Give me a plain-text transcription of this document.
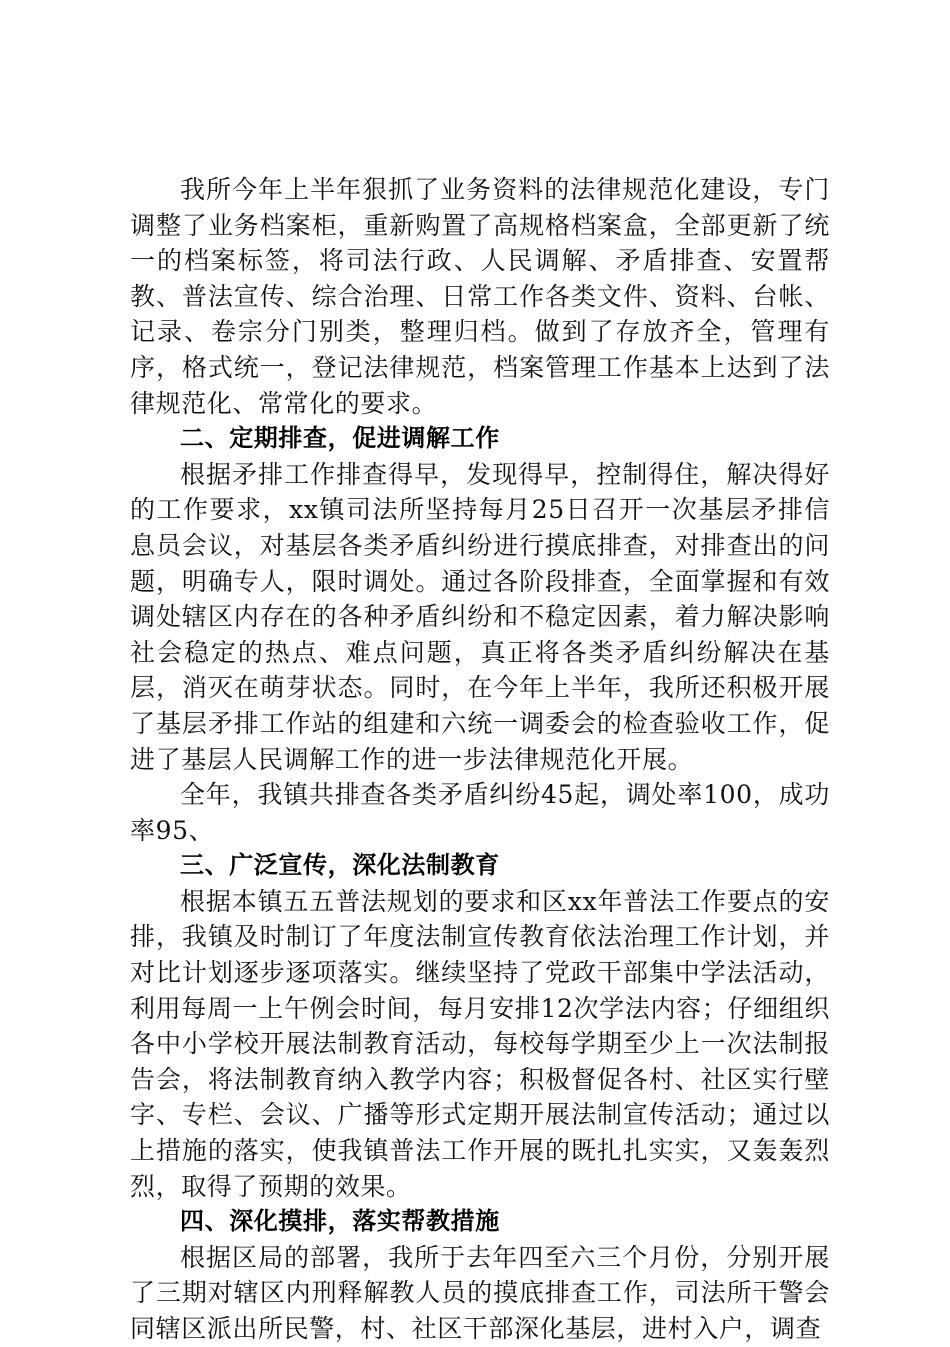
我所今年上半年狠抓了业务资料的法律规范化建设，专门调整了业务档案柜，重新购置了高规格档案盒，全部更新了统一的档案标签，将司法行政、人民调解、矛盾排查、安置帮教、普法宣传、综合治理、日常工作各类文件、资料、台帐、记录、卷宗分门别类，整理归档。做到了存放齐全，管理有序，格式统一，登记法律规范，档案管理工作基本上达到了法律规范化、常常化的要求。

二、定期排查，促进调解工作

根据矛排工作排查得早，发现得早，控制得住，解决得好的工作要求，xx镇司法所坚持每月25日召开一次基层矛排信息员会议，对基层各类矛盾纠纷进行摸底排查，对排查出的问题，明确专人，限时调处。通过各阶段排查，全面掌握和有效调处辖区内存在的各种矛盾纠纷和不稳定因素，着力解决影响社会稳定的热点、难点问题，真正将各类矛盾纠纷解决在基层，消灭在萌芽状态。同时，在今年上半年，我所还积极开展了基层矛排工作站的组建和六统一调委会的检查验收工作，促进了基层人民调解工作的进一步法律规范化开展。

全年，我镇共排查各类矛盾纠纷45起，调处率100，成功率95、

三、广泛宣传，深化法制教育

根据本镇五五普法规划的要求和区xx年普法工作要点的安排，我镇及时制订了年度法制宣传教育依法治理工作计划，并对比计划逐步逐项落实。继续坚持了党政干部集中学法活动，利用每周一上午例会时间，每月安排12次学法内容；仔细组织各中小学校开展法制教育活动，每校每学期至少上一次法制报告会，将法制教育纳入教学内容；积极督促各村、社区实行壁字、专栏、会议、广播等形式定期开展法制宣传活动；通过以上措施的落实，使我镇普法工作开展的既扎扎实实，又轰轰烈烈，取得了预期的效果。

四、深化摸排，落实帮教措施

根据区局的部署，我所于去年四至六三个月份，分别开展了三期对辖区内刑释解教人员的摸底排查工作，司法所干警会同辖区派出所民警，村、社区干部深化基层，进村入户，调查
